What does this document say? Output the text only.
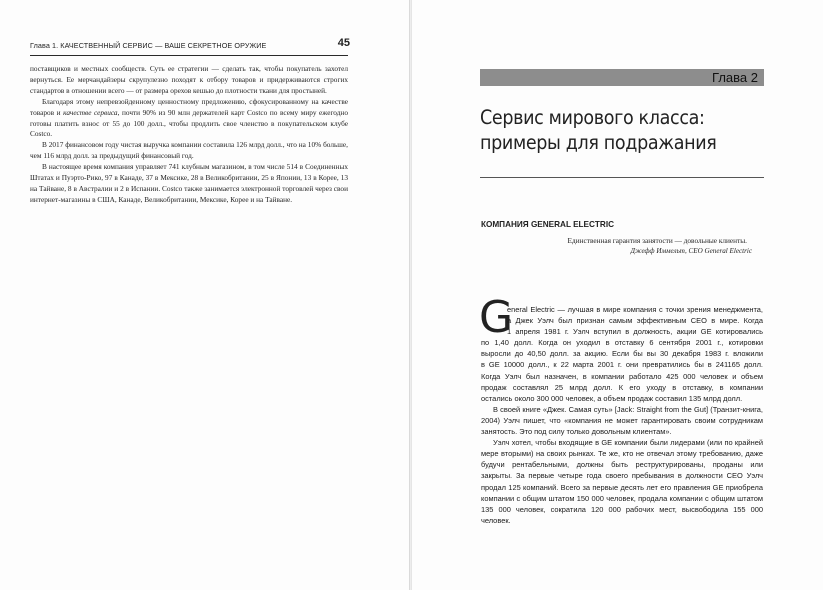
Глава 1. КАЧЕСТВЕННЫЙ СЕРВИС — ВАШЕ СЕКРЕТНОЕ ОРУЖИЕ	45

поставщиков и местных сообществ. Суть ее стратегии — сделать так, чтобы покупатель захотел вернуться. Ее мерчандайзеры скрупулезно походят к отбору товаров и придерживаются строгих стандартов в отношении всего — от размера орехов кешью до плотности ткани для простыней.

Благодаря этому непревзойденному ценностному предложению, сфокусированному на качестве товаров и качестве сервиса, почти 90% из 90 млн держателей карт Costco по всему миру ежегодно готовы платить взнос от 55 до 100 долл., чтобы продлить свое членство в покупательском клубе Costco.

В 2017 финансовом году чистая выручка компании составила 126 млрд долл., что на 10% больше, чем 116 млрд долл. за предыдущий финансовый год.

В настоящее время компания управляет 741 клубным магазином, в том числе 514 в Соединенных Штатах и Пуэрто-Рико, 97 в Канаде, 37 в Мексике, 28 в Великобритании, 25 в Японии, 13 в Корее, 13 на Тайване, 8 в Австралии и 2 в Испании. Costco также занимается электронной торговлей через свои интернет-магазины в США, Канаде, Великобритании, Мексике, Корее и на Тайване.

Глава 2
Сервис мирового класса:
примеры для подражания
КОМПАНИЯ GENERAL ELECTRIC
Единственная гарантия занятости — довольные клиенты.
Джефф Иммельт, CEO General Electric
G

eneral Electric — лучшая в мире компания с точки зрения менеджмента,
а Джек Уэлч был признан самым эффективным CEO в мире. Когда
1 апреля 1981 г. Уэлч вступил в должность, акции GE котировались
по 1,40 долл. Когда он уходил в отставку 6 сентября 2001 г., котировки
выросли до 40,50 долл. за акцию. Если бы вы 30 декабря 1983 г. вложили
в GE 10000 долл., к 22 марта 2001 г. они превратились бы в 241165 долл.
Когда Уэлч был назначен, в компании работало 425 000 человек и объем
продаж составлял 25 млрд долл. К его уходу в отставку, в компании
остались около 300 000 человек, а объем продаж составил 135 млрд долл.

В своей книге «Джек. Самая суть» [Jack: Straight from the Gut] (Транзит-книга, 2004) Уэлч пишет, что «компания не может гарантировать своим сотрудникам занятость. Это под силу только довольным клиентам».

Уэлч хотел, чтобы входящие в GE компании были лидерами (или по крайней мере вторыми) на своих рынках. Те же, кто не отвечал этому требованию, даже будучи рентабельными, должны быть реструктурированы, проданы или закрыты. За первые четыре года своего пребывания в должности CEO Уэлч продал 125 компаний. Всего за первые десять лет его правления GE приобрела компании с общим штатом 150 000 человек, продала компании с общим штатом 135 000 человек, сократила 120 000 рабочих мест, высвободила 155 000 человек.
